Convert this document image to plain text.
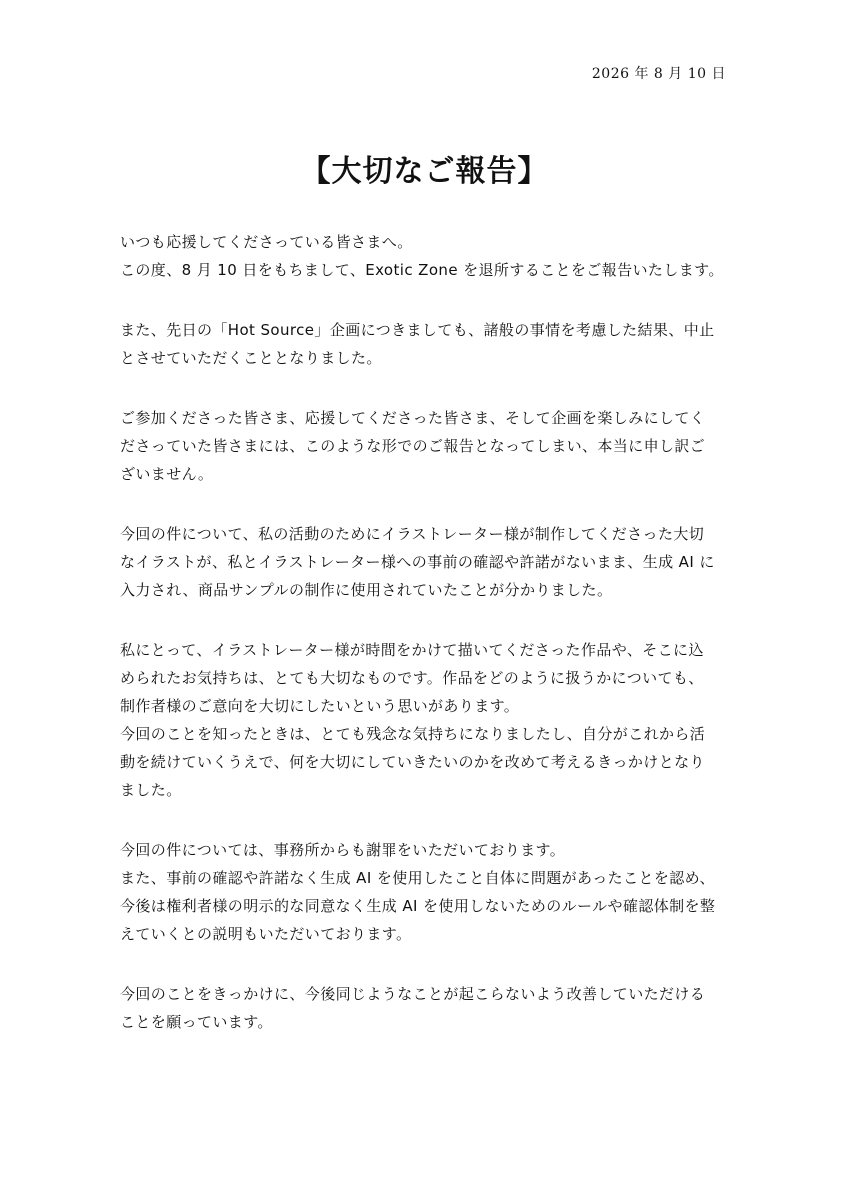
2026 年 8 月 10 日
【大切なご報告】
いつも応援してくださっている皆さまへ。
この度、8 月 10 日をもちまして、Exotic Zone を退所することをご報告いたします。
また、先日の「Hot Source」企画につきましても、諸般の事情を考慮した結果、中止
とさせていただくこととなりました。
ご参加くださった皆さま、応援してくださった皆さま、そして企画を楽しみにしてく
ださっていた皆さまには、このような形でのご報告となってしまい、本当に申し訳ご
ざいません。
今回の件について、私の活動のためにイラストレーター様が制作してくださった大切
なイラストが、私とイラストレーター様への事前の確認や許諾がないまま、生成 AI に
入力され、商品サンプルの制作に使用されていたことが分かりました。
私にとって、イラストレーター様が時間をかけて描いてくださった作品や、そこに込
められたお気持ちは、とても大切なものです。作品をどのように扱うかについても、
制作者様のご意向を大切にしたいという思いがあります。
今回のことを知ったときは、とても残念な気持ちになりましたし、自分がこれから活
動を続けていくうえで、何を大切にしていきたいのかを改めて考えるきっかけとなり
ました。
今回の件については、事務所からも謝罪をいただいております。
また、事前の確認や許諾なく生成 AI を使用したこと自体に問題があったことを認め、
今後は権利者様の明示的な同意なく生成 AI を使用しないためのルールや確認体制を整
えていくとの説明もいただいております。
今回のことをきっかけに、今後同じようなことが起こらないよう改善していただける
ことを願っています。
